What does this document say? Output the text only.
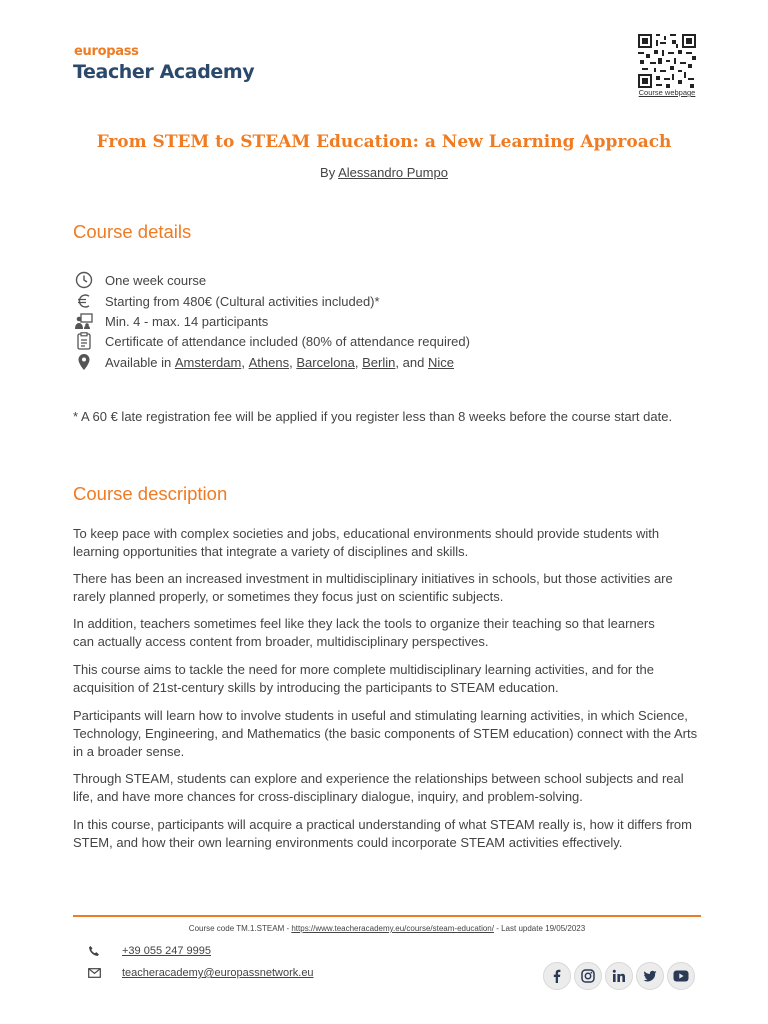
europass
Teacher Academy
Course webpage
From STEM to STEAM Education: a New Learning Approach
By Alessandro Pumpo
Course details
One week course
Starting from 480€ (Cultural activities included)*
Min. 4 - max. 14 participants
Certificate of attendance included (80% of attendance required)
Available in
Amsterdam ,
Athens ,
Barcelona ,
Berlin ,
and
Nice
* A 60 € late registration fee will be applied if you register less than 8 weeks before the course start date.
Course description
To keep pace with complex societies and jobs, educational environments should provide students with learning opportunities that integrate a variety of disciplines and skills.
There has been an increased investment in multidisciplinary initiatives in schools, but those activities are rarely planned properly, or sometimes they focus just on scientific subjects.
In addition, teachers sometimes feel like they lack the tools to organize their teaching so that learners can actually access content from broader, multidisciplinary perspectives.
This course aims to tackle the need for more complete multidisciplinary learning activities, and for the acquisition of 21st-century skills by introducing the participants to STEAM education.
Participants will learn how to involve students in useful and stimulating learning activities, in which Science, Technology, Engineering, and Mathematics (the basic components of STEM education) connect with the Arts in a broader sense.
Through STEAM, students can explore and experience the relationships between school subjects and real life, and have more chances for cross-disciplinary dialogue, inquiry, and problem-solving.
In this course, participants will acquire a practical understanding of what STEAM really is, how it differs from STEM, and how their own learning environments could incorporate STEAM activities effectively.
Course code TM.1.STEAM - https://www.teacheracademy.eu/course/steam-education/ - Last update 19/05/2023
+39 055 247 9995
teacheracademy@europassnetwork.eu
